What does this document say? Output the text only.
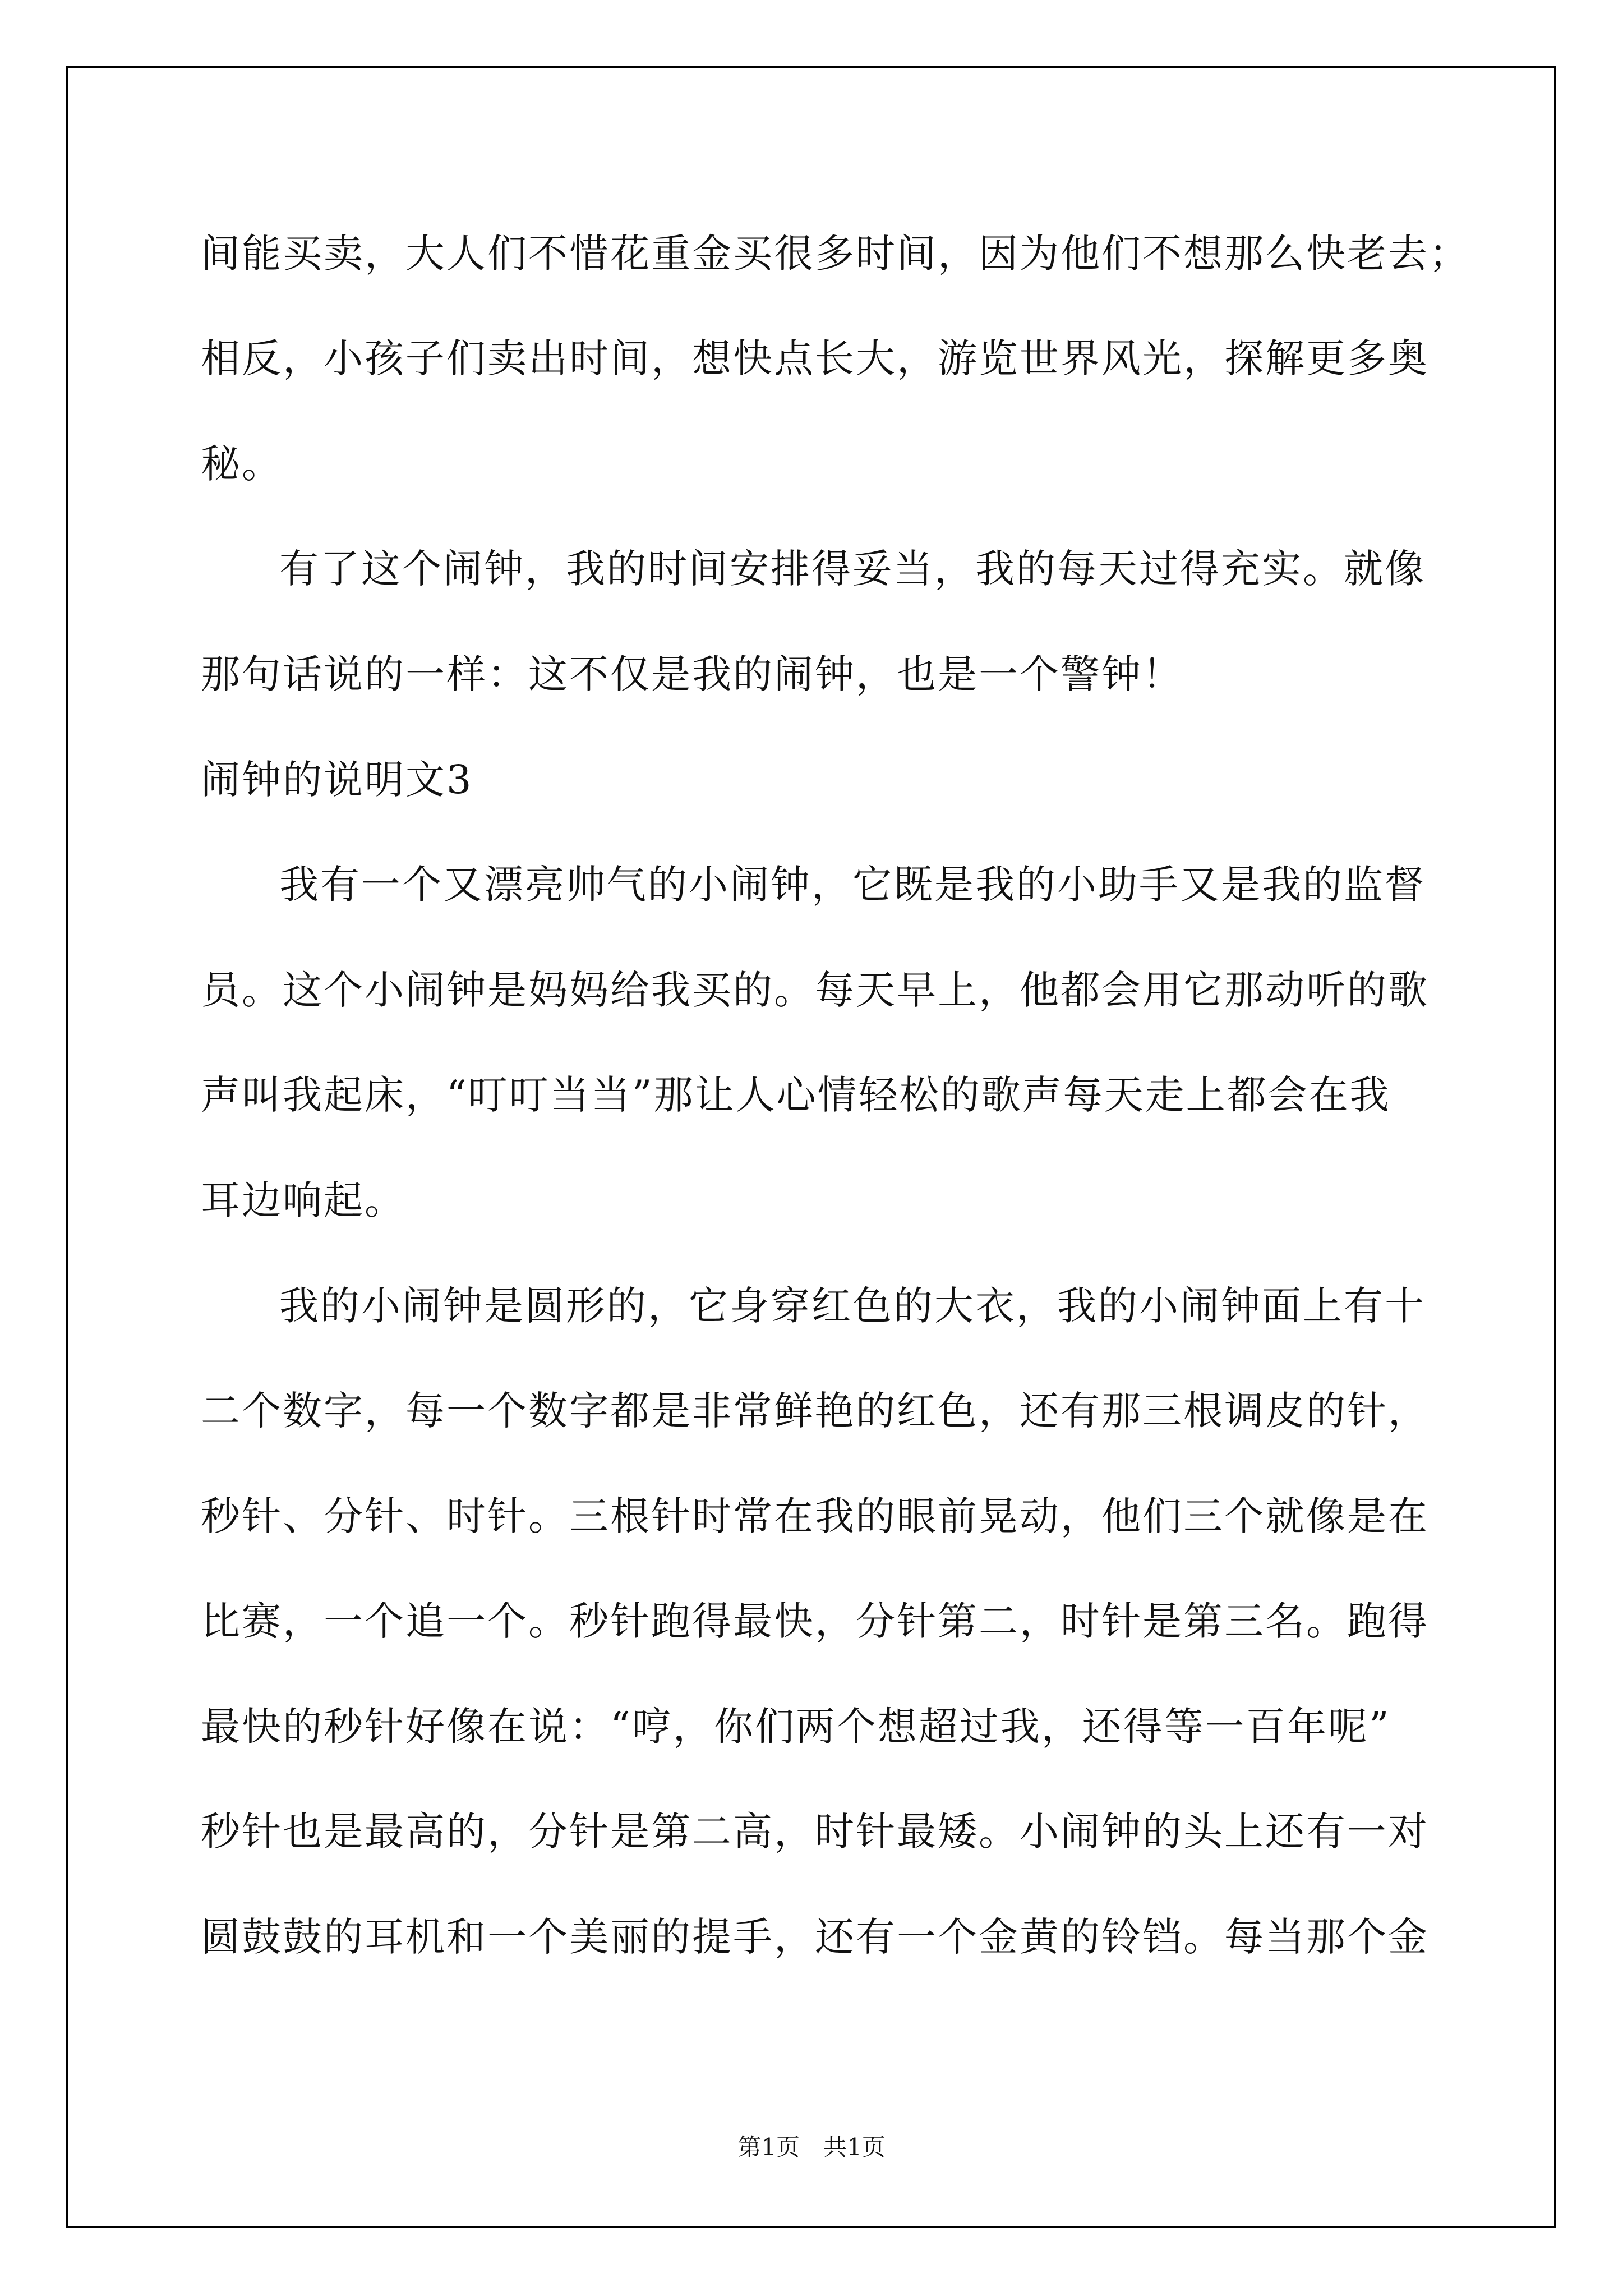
间能买卖，大人们不惜花重金买很多时间，因为他们不想那么快老去；
相反，小孩子们卖出时间，想快点长大，游览世界风光，探解更多奥
秘。
有了这个闹钟，我的时间安排得妥当，我的每天过得充实。就像
那句话说的一样：这不仅是我的闹钟，也是一个警钟！
闹钟的说明文3
我有一个又漂亮帅气的小闹钟，它既是我的小助手又是我的监督
员。这个小闹钟是妈妈给我买的。每天早上，他都会用它那动听的歌
声叫我起床，“叮叮当当”那让人心情轻松的歌声每天走上都会在我
耳边响起。
我的小闹钟是圆形的，它身穿红色的大衣，我的小闹钟面上有十
二个数字，每一个数字都是非常鲜艳的红色，还有那三根调皮的针，
秒针、分针、时针。三根针时常在我的眼前晃动，他们三个就像是在
比赛，一个追一个。秒针跑得最快，分针第二，时针是第三名。跑得
最快的秒针好像在说：“哼，你们两个想超过我，还得等一百年呢”
秒针也是最高的，分针是第二高，时针最矮。小闹钟的头上还有一对
圆鼓鼓的耳机和一个美丽的提手，还有一个金黄的铃铛。每当那个金
第1页　共1页
